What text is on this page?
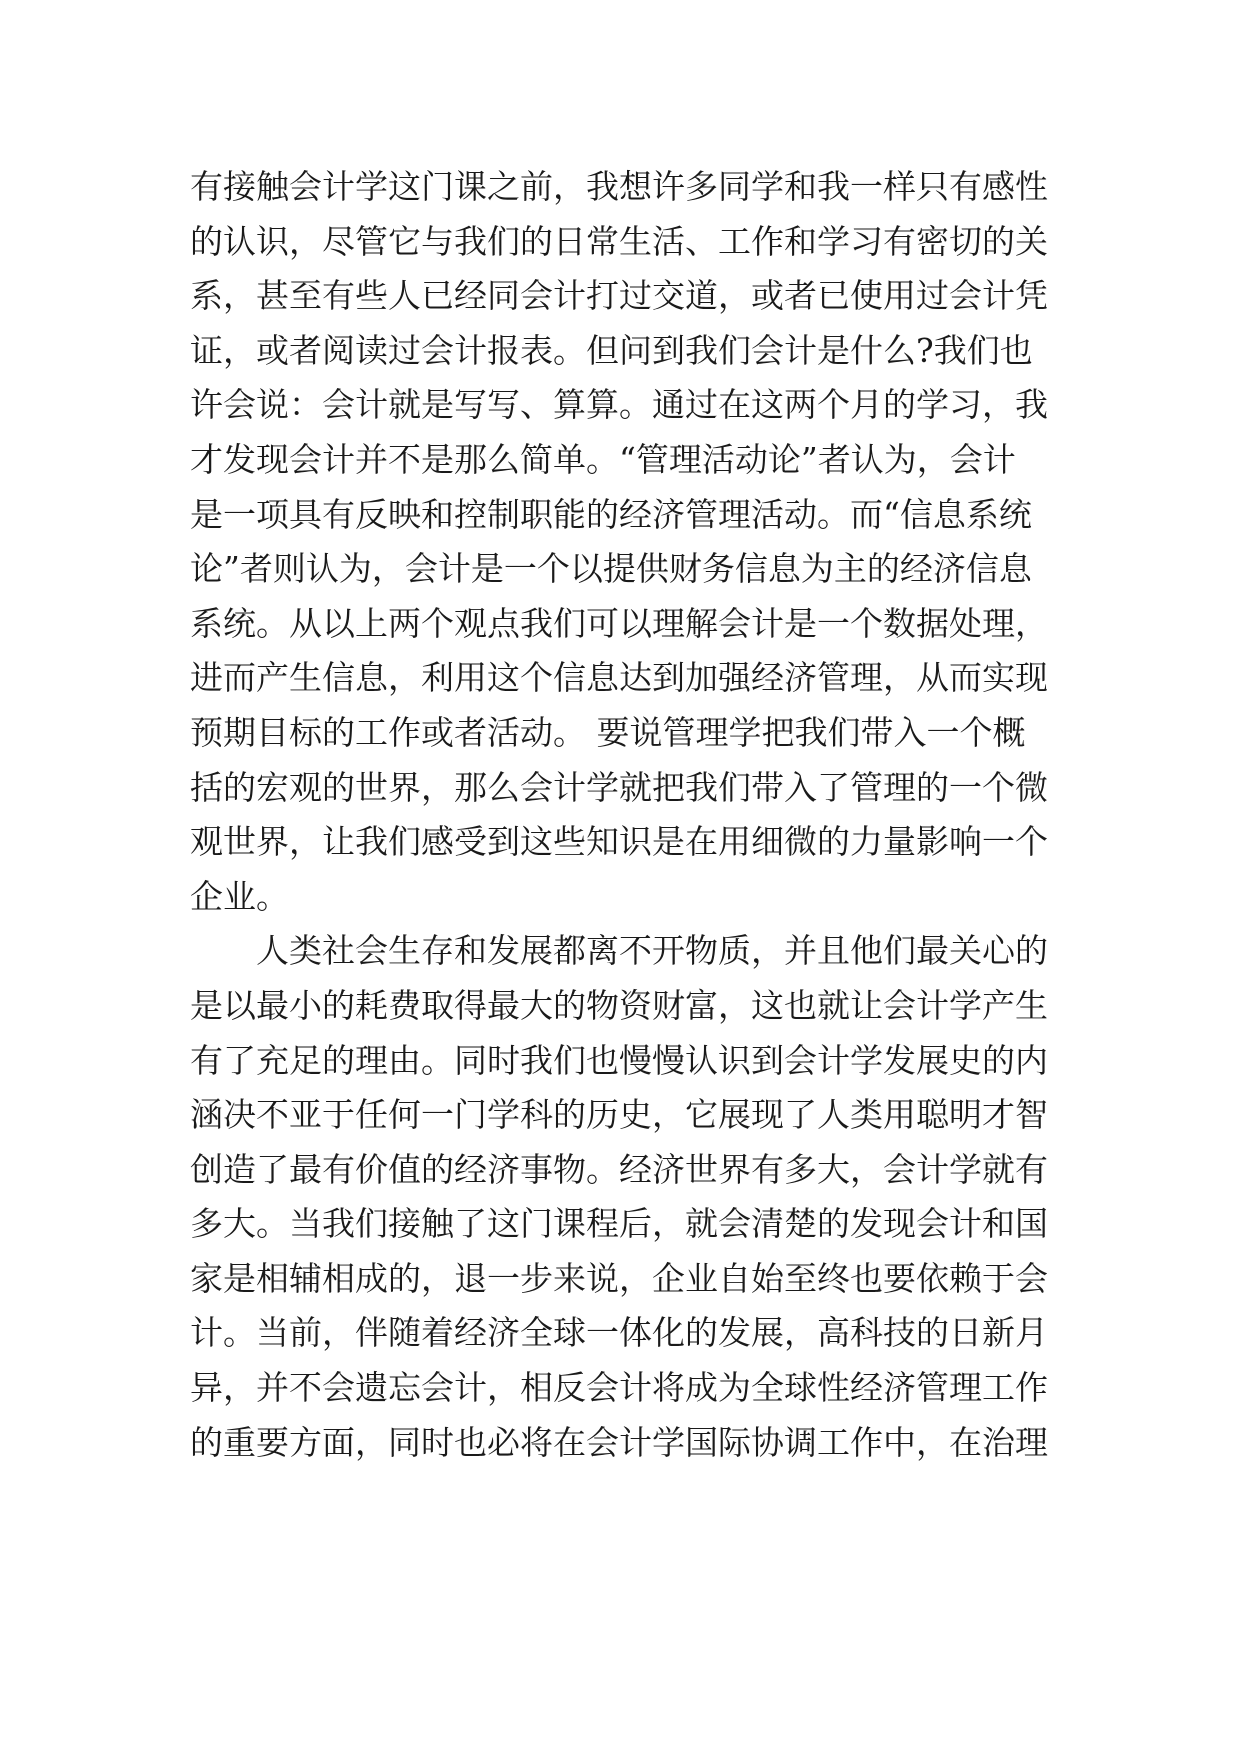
有接触会计学这门课之前，我想许多同学和我一样只有感性
的认识，尽管它与我们的日常生活、工作和学习有密切的关
系，甚至有些人已经同会计打过交道，或者已使用过会计凭
证，或者阅读过会计报表。但问到我们会计是什么?我们也
许会说：会计就是写写、算算。通过在这两个月的学习，我
才发现会计并不是那么简单。“管理活动论”者认为，会计
是一项具有反映和控制职能的经济管理活动。而“信息系统
论”者则认为，会计是一个以提供财务信息为主的经济信息
系统。从以上两个观点我们可以理解会计是一个数据处理，
进而产生信息，利用这个信息达到加强经济管理，从而实现
预期目标的工作或者活动。 要说管理学把我们带入一个概
括的宏观的世界，那么会计学就把我们带入了管理的一个微
观世界，让我们感受到这些知识是在用细微的力量影响一个
企业。
人类社会生存和发展都离不开物质，并且他们最关心的
是以最小的耗费取得最大的物资财富，这也就让会计学产生
有了充足的理由。同时我们也慢慢认识到会计学发展史的内
涵决不亚于任何一门学科的历史，它展现了人类用聪明才智
创造了最有价值的经济事物。经济世界有多大，会计学就有
多大。当我们接触了这门课程后，就会清楚的发现会计和国
家是相辅相成的，退一步来说，企业自始至终也要依赖于会
计。当前，伴随着经济全球一体化的发展，高科技的日新月
异，并不会遗忘会计，相反会计将成为全球性经济管理工作
的重要方面，同时也必将在会计学国际协调工作中，在治理
